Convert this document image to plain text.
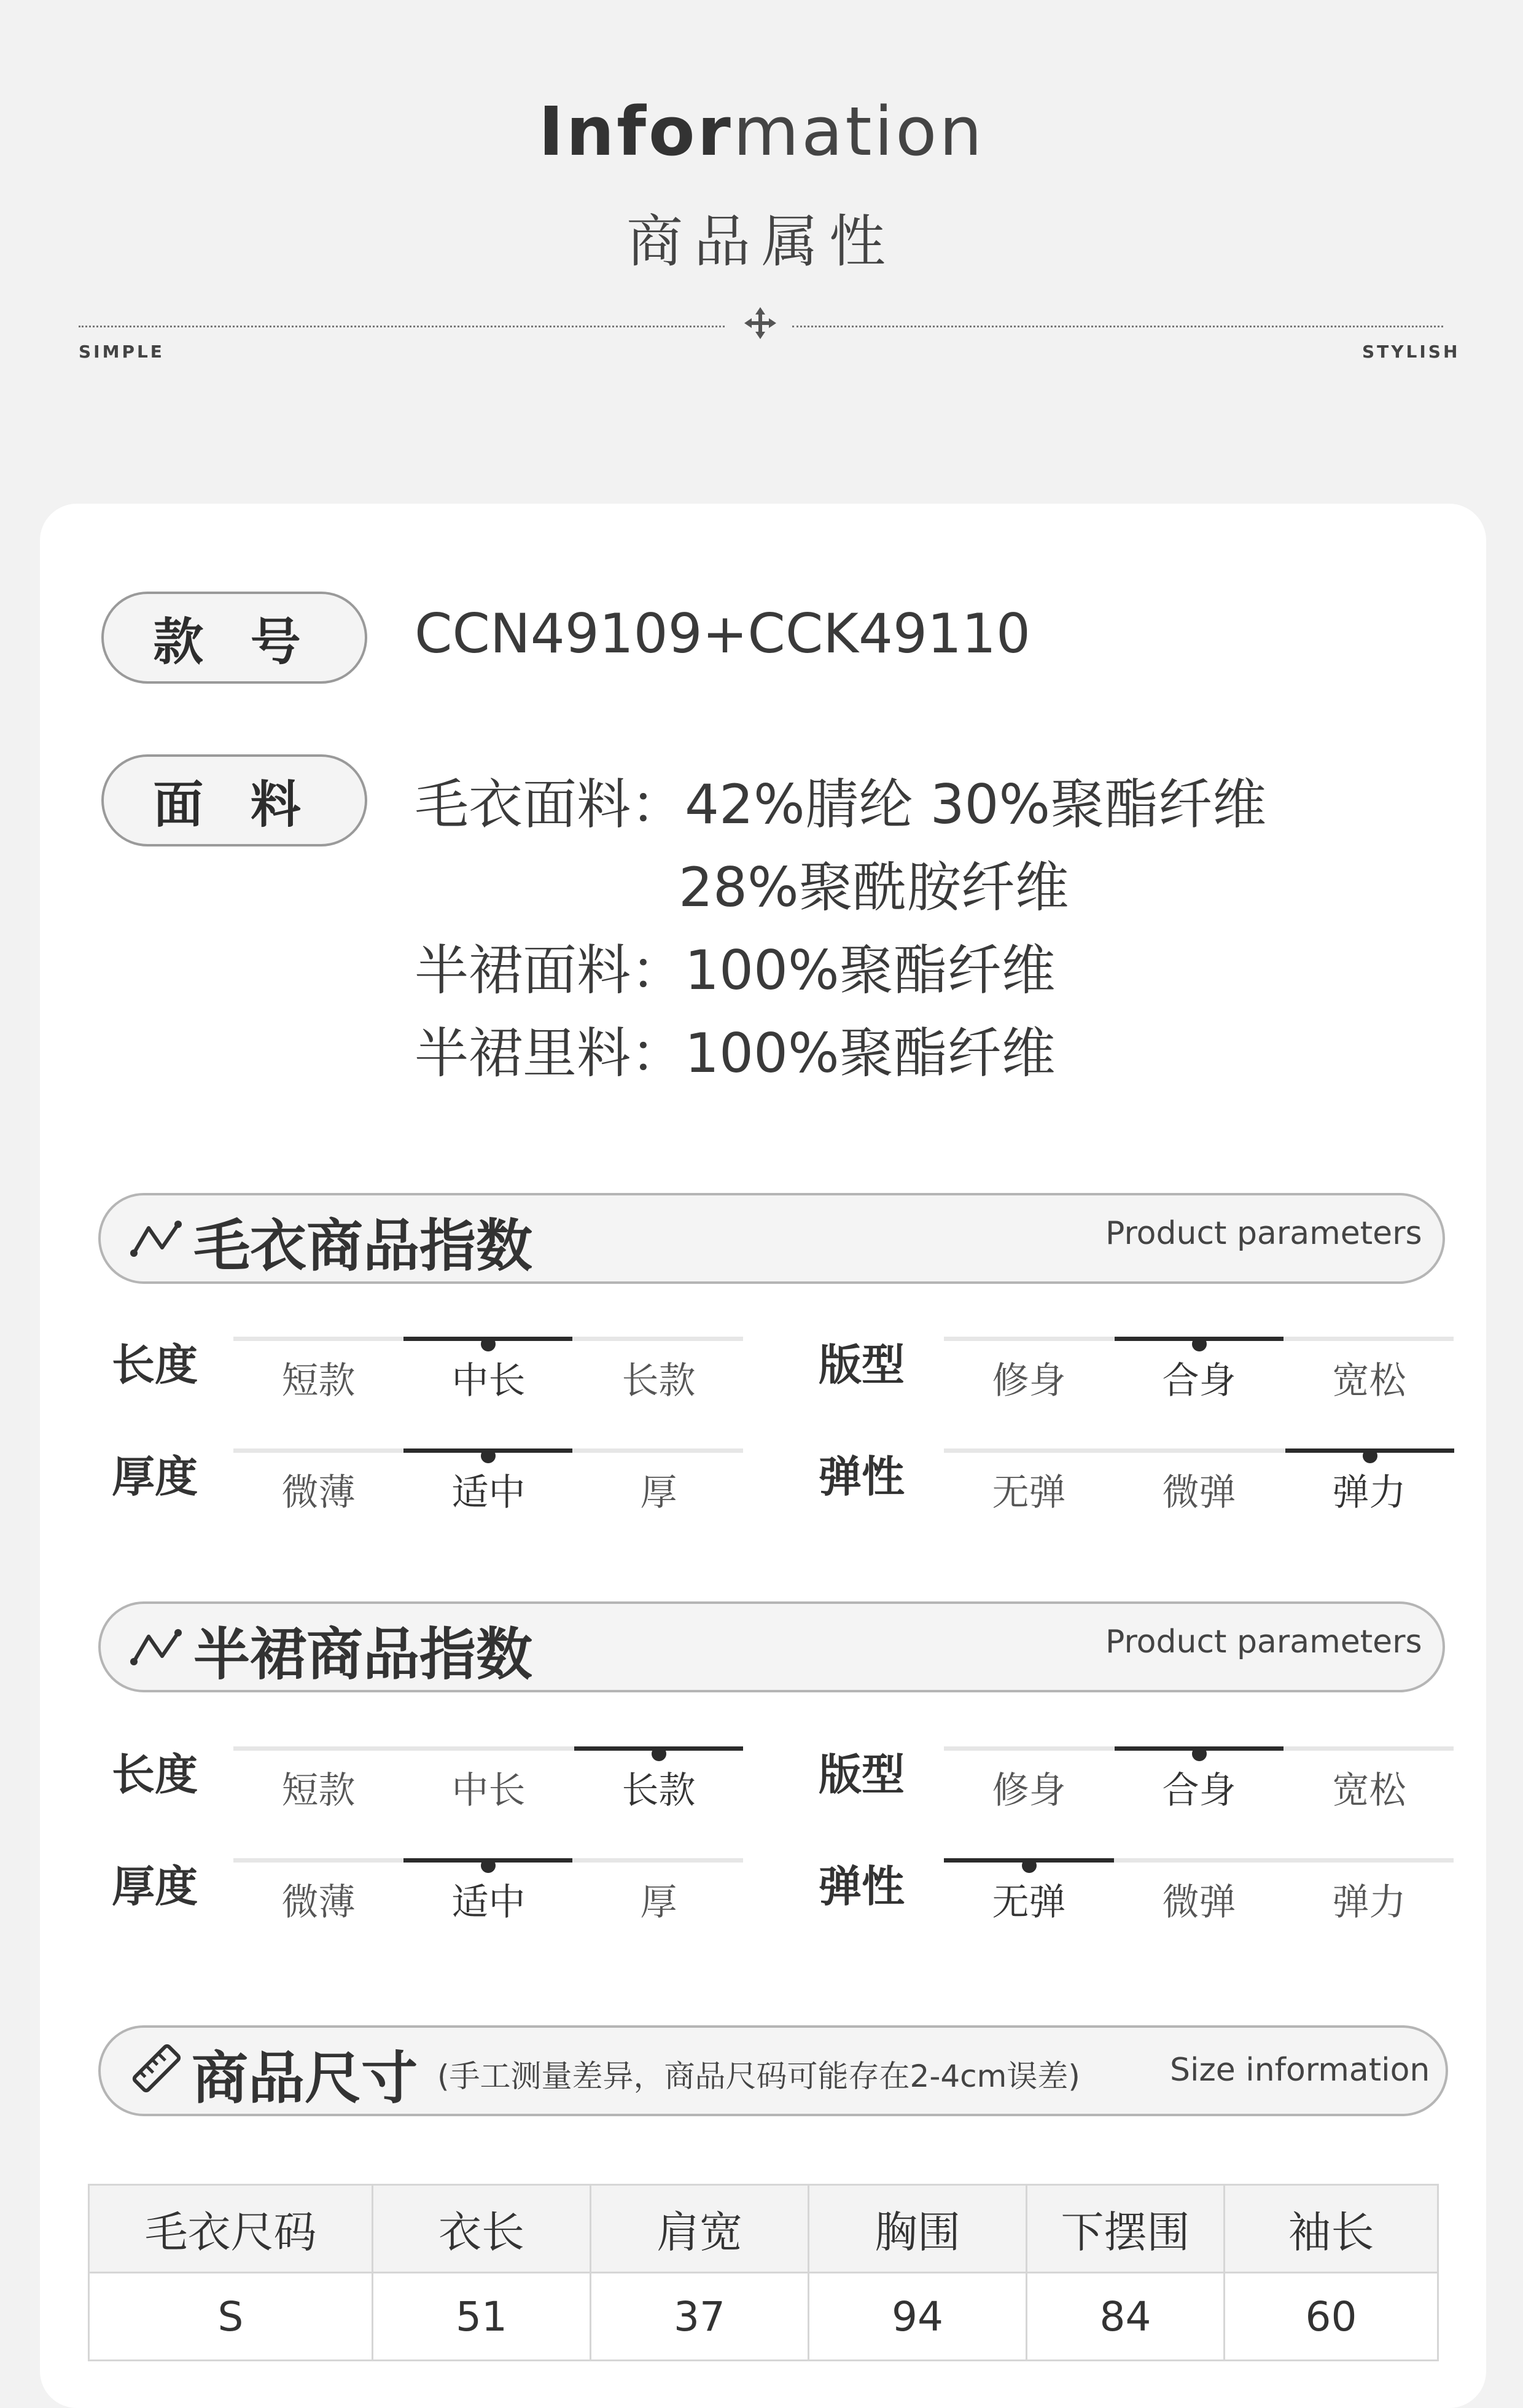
Information
商品属性
SIMPLE	STYLISH
款 号 CCN49109+CCK49110
面 料 毛衣面料：42%腈纶 30%聚酯纤维
28%聚酰胺纤维
半裙面料：100%聚酯纤维
半裙里料：100%聚酯纤维
毛衣商品指数	Product parameters
长度	短款	中长	长款	版型	修身	合身	宽松
厚度	微薄	适中	厚	弹性	无弹	微弹	弹力
半裙商品指数	Product parameters
长度	短款	中长	长款	版型	修身	合身	宽松
厚度	微薄	适中	厚	弹性	无弹	微弹	弹力
商品尺寸 (手工测量差异，商品尺码可能存在2-4cm误差)	Size information
毛衣尺码	衣长	肩宽	胸围	下摆围	袖长
S	51	37	94	84	60
